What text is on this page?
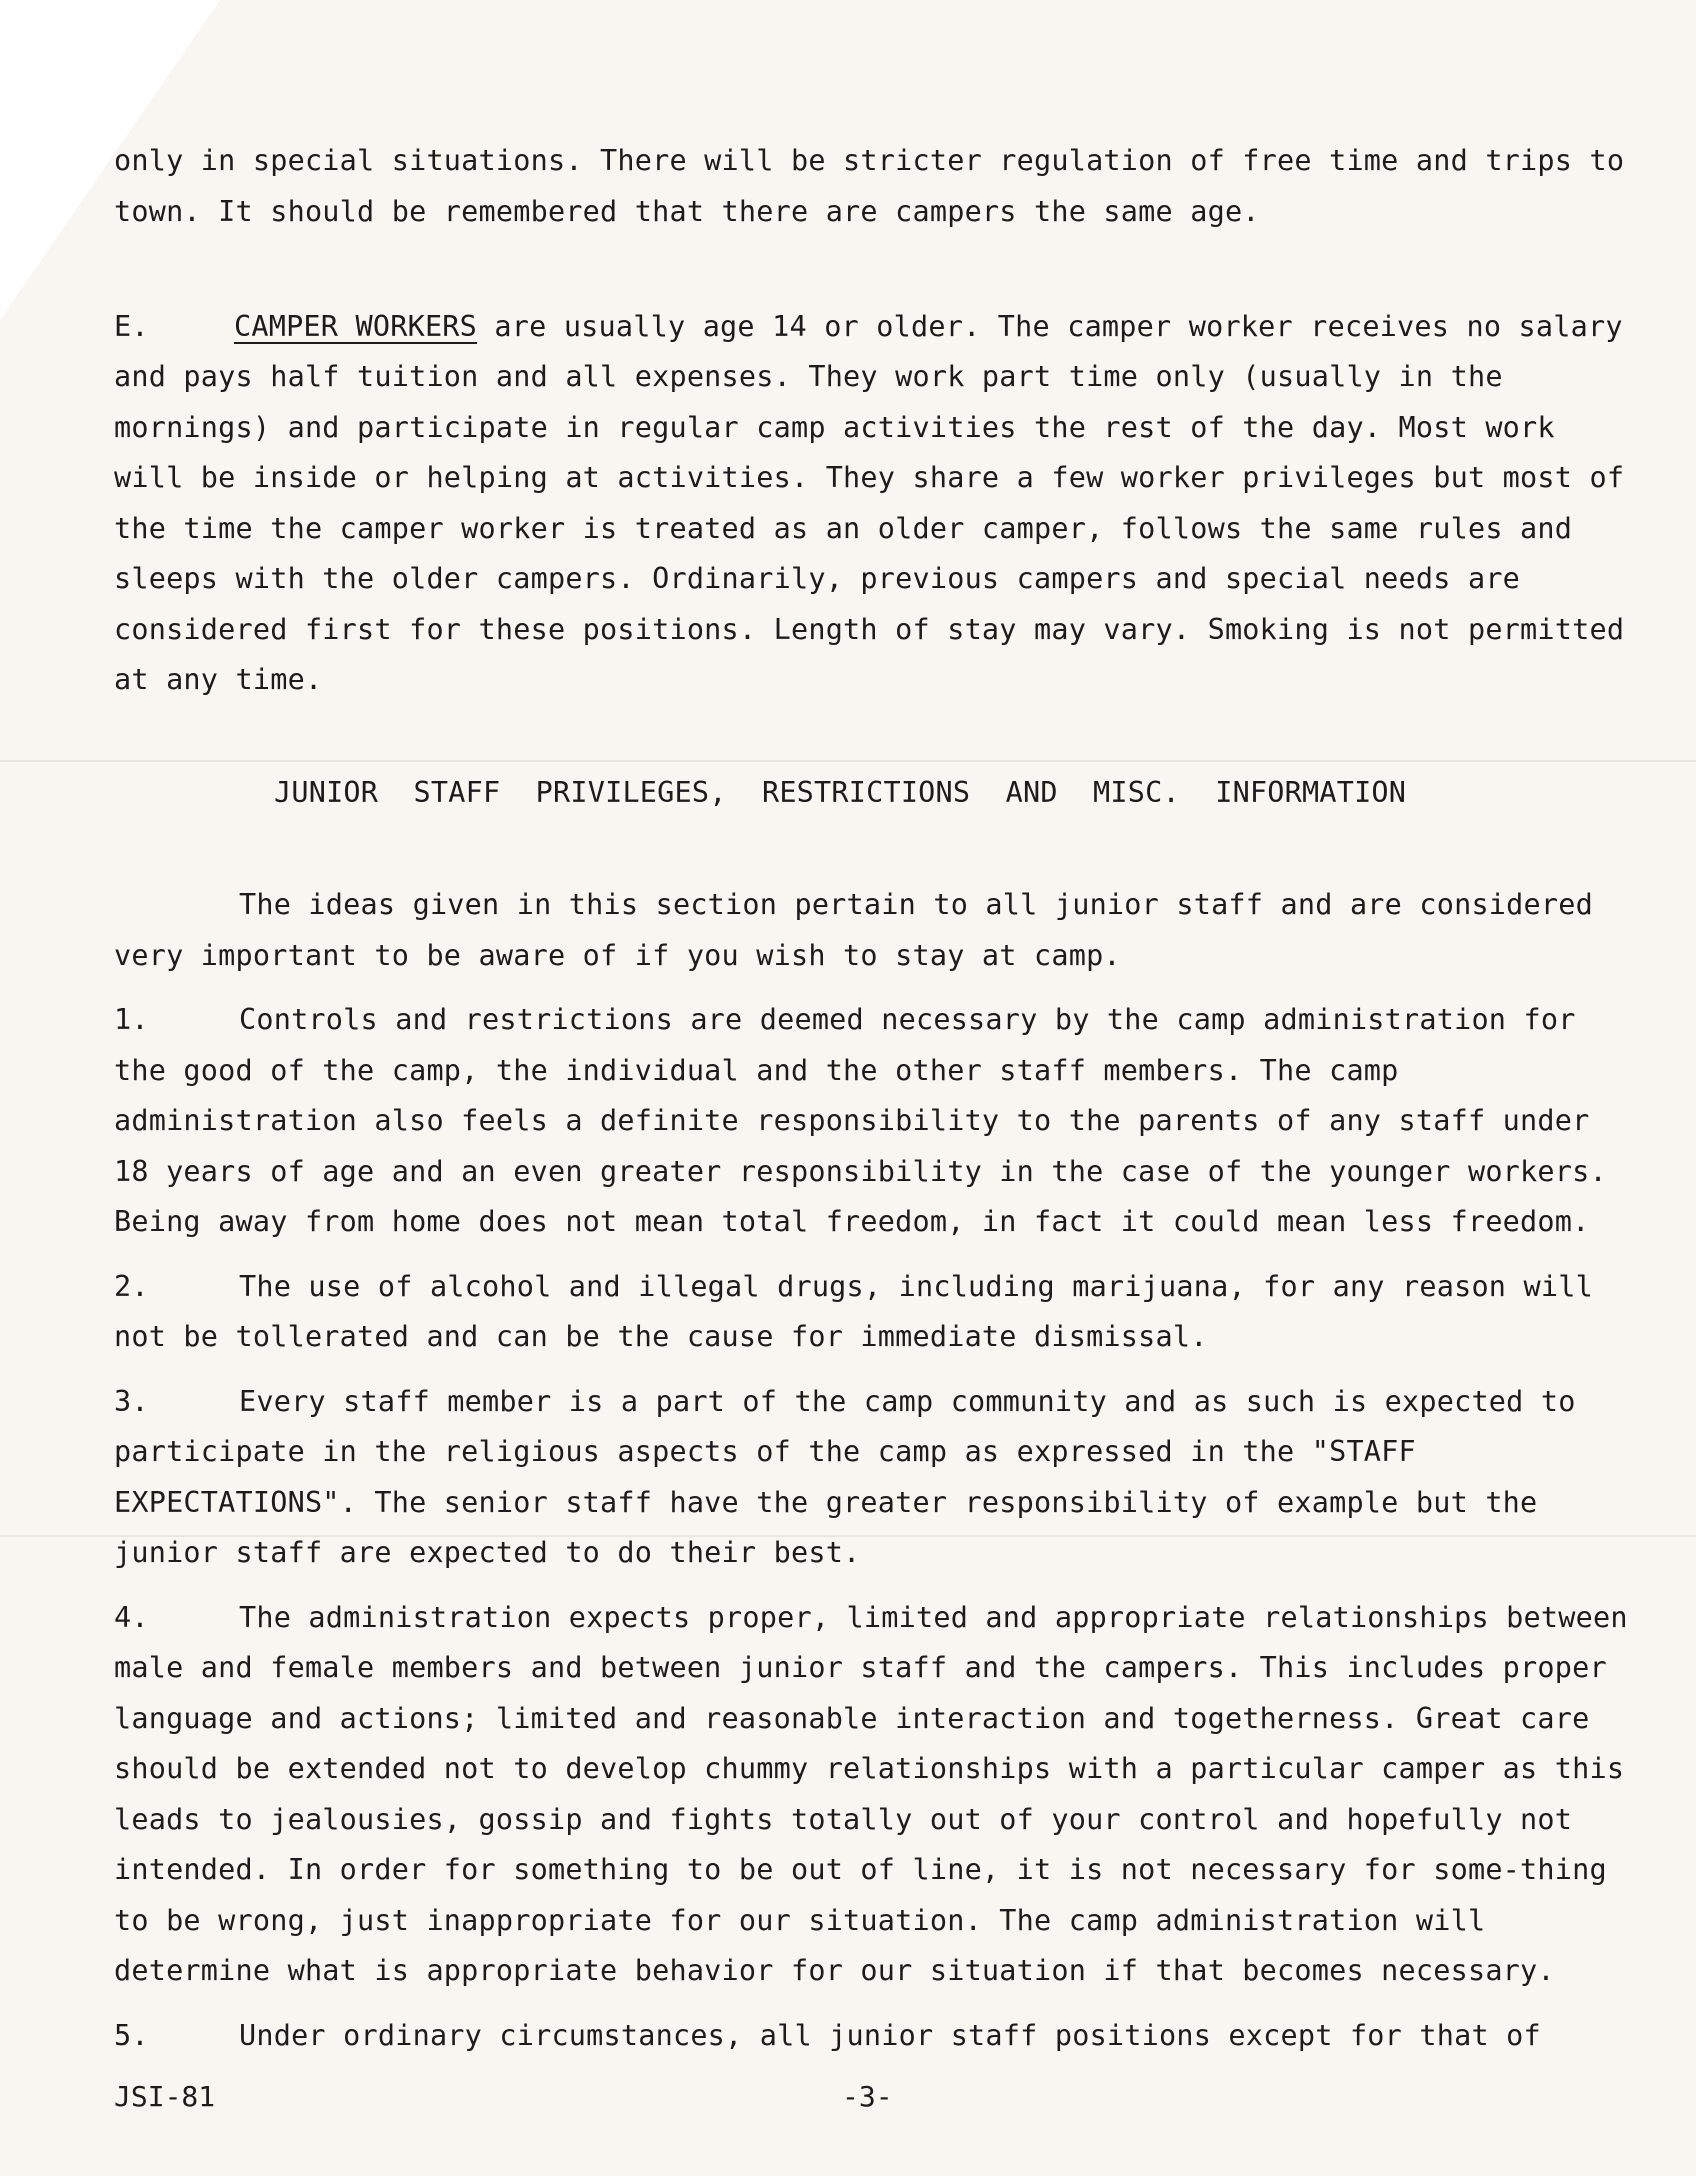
only in special situations. There will be stricter regulation of free time and trips to town. It should be remembered that there are campers the same age.

E.	CAMPER WORKERS are usually age 14 or older. The camper worker receives no salary and pays half tuition and all expenses. They work part time only (usually in the mornings) and participate in regular camp activities the rest of the day. Most work will be inside or helping at activities. They share a few worker privileges but most of the time the camper worker is treated as an older camper, follows the same rules and sleeps with the older campers. Ordinarily, previous campers and special needs are considered first for these positions. Length of stay may vary. Smoking is not permitted at any time.

JUNIOR STAFF PRIVILEGES, RESTRICTIONS AND MISC. INFORMATION

The ideas given in this section pertain to all junior staff and are considered very important to be aware of if you wish to stay at camp.

1.	Controls and restrictions are deemed necessary by the camp administration for the good of the camp, the individual and the other staff members. The camp administration also feels a definite responsibility to the parents of any staff under 18 years of age and an even greater responsibility in the case of the younger workers. Being away from home does not mean total freedom, in fact it could mean less freedom.
2.	The use of alcohol and illegal drugs, including marijuana, for any reason will not be tollerated and can be the cause for immediate dismissal.
3.	Every staff member is a part of the camp community and as such is expected to participate in the religious aspects of the camp as expressed in the "STAFF EXPECTATIONS". The senior staff have the greater responsibility of example but the junior staff are expected to do their best.
4.	The administration expects proper, limited and appropriate relationships between male and female members and between junior staff and the campers. This includes proper language and actions; limited and reasonable interaction and togetherness. Great care should be extended not to develop chummy relationships with a particular camper as this leads to jealousies, gossip and fights totally out of your control and hopefully not intended. In order for something to be out of line, it is not necessary for some-thing to be wrong, just inappropriate for our situation. The camp administration will determine what is appropriate behavior for our situation if that becomes necessary.
5.	Under ordinary circumstances, all junior staff positions except for that of
JSI-81	-3-
